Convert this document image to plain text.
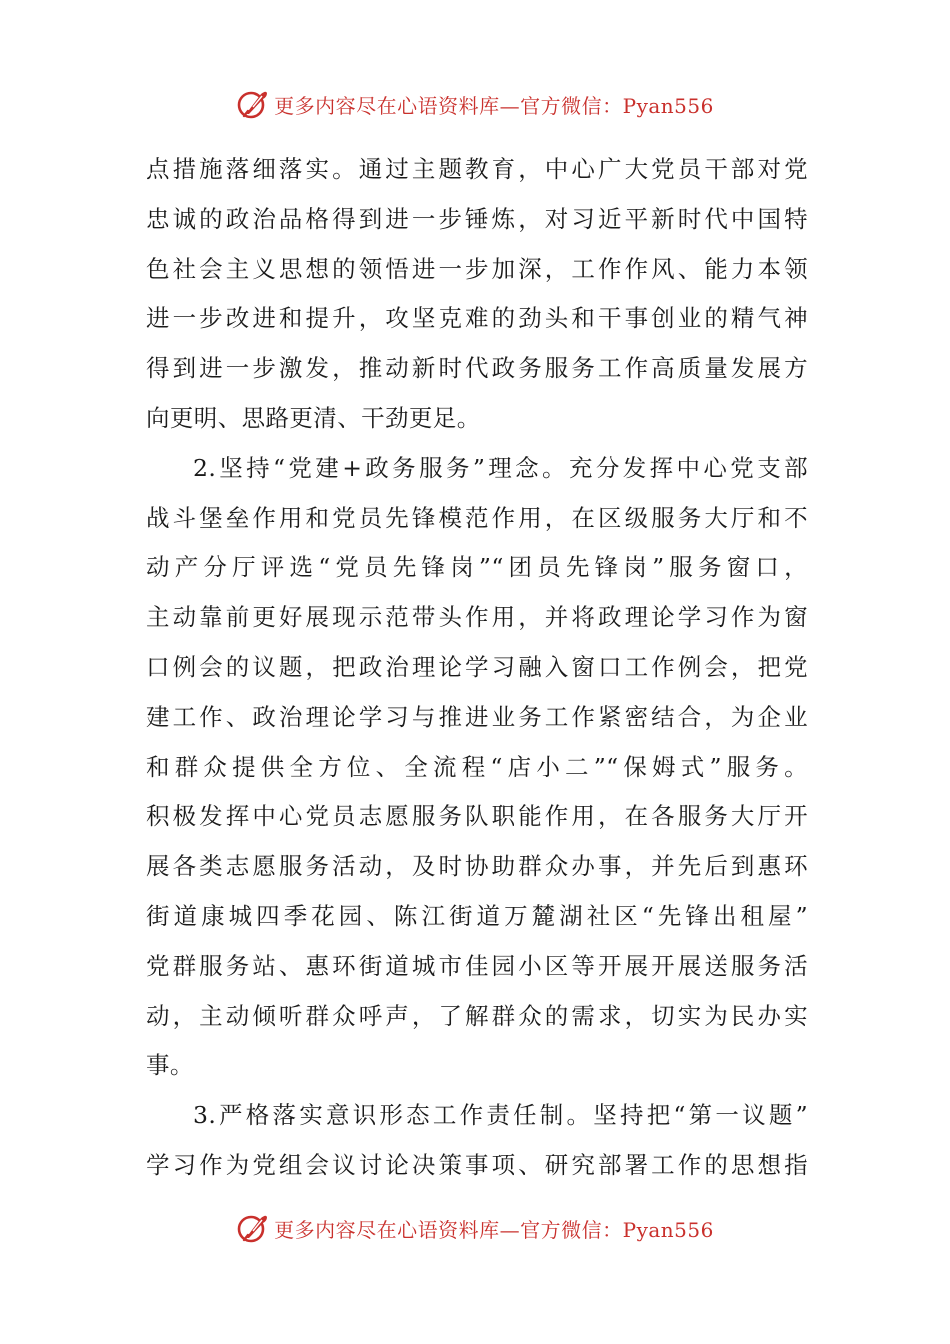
更多内容尽在心语资料库—官方微信：Pyan556
点措施落细落实。通过主题教育，中心广大党员干部对党
忠诚的政治品格得到进一步锤炼，对习近平新时代中国特
色社会主义思想的领悟进一步加深，工作作风、能力本领
进一步改进和提升，攻坚克难的劲头和干事创业的精气神
得到进一步激发，推动新时代政务服务工作高质量发展方
向更明、思路更清、干劲更足。
2.坚持“党建+政务服务”理念。充分发挥中心党支部
战斗堡垒作用和党员先锋模范作用，在区级服务大厅和不
动产分厅评选“党员先锋岗”“团员先锋岗”服务窗口，
主动靠前更好展现示范带头作用，并将政理论学习作为窗
口例会的议题，把政治理论学习融入窗口工作例会，把党
建工作、政治理论学习与推进业务工作紧密结合，为企业
和群众提供全方位、全流程“店小二”“保姆式”服务。
积极发挥中心党员志愿服务队职能作用，在各服务大厅开
展各类志愿服务活动，及时协助群众办事，并先后到惠环
街道康城四季花园、陈江街道万麓湖社区“先锋出租屋”
党群服务站、惠环街道城市佳园小区等开展开展送服务活
动，主动倾听群众呼声，了解群众的需求，切实为民办实
事。
3.严格落实意识形态工作责任制。坚持把“第一议题”
学习作为党组会议讨论决策事项、研究部署工作的思想指
更多内容尽在心语资料库—官方微信：Pyan556
